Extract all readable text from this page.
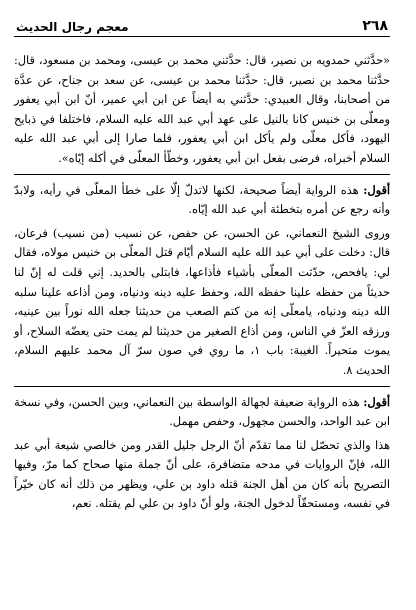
معجم رجال الحديث	٢٦٨

«حدَّثني حمدويه بن نصير، قال: حدَّثني محمد بن عيسى، ومحمد بن مسعود، قال: حدَّثنا محمد بن نصير، قال: حدَّثنا محمد بن عيسى، عن سعد بن جناح، عن عدَّة من أصحابنا، وقال العبيدي: حدَّثني به أيضاً عن ابن أبي عمير، أنّ ابن أبي يعفور ومعلّى بن خنيس كانا بالنيل على عهد أبي عبد الله عليه السلام، فاختلفا في ذبايح اليهود، فأكل معلّى ولم يأكل ابن أبي يعفور، فلما صارا إلى أبي عبد الله عليه السلام أخبراه، فرضى بفعل ابن أبي يعفور، وخطّأ المعلّى في أكله إيّاه».

أقول: هذه الرواية أيضاً صحيحة، لكنها لاتدلّ إلّا على خطأ المعلّى في رأيه، ولابدّ وأنه رجع عن أمره بتخطئة أبي عبد الله إيّاه.

وروى الشيخ النعماني، عن الحسن، عن حفص، عن نسيب (من نسيب) فرعان، قال: دخلت على أبي عبد الله عليه السلام أيّام قتل المعلّى بن خنيس مولاه، فقال لي: يافحص، حدّثت المعلّى بأشياء فأذاعها، فابتلى بالحديد. إني قلت له إنّ لنا حديثاً من حفظه علينا حفظه الله، وحفظ عليه دينه ودنياه، ومن أذاعه علينا سلبه الله دينه ودنياه، يامعلّى إنه من كتم الصعب من حديثنا جعله الله نوراً بين عينيه، ورزقه العزّ في الناس، ومن أذاع الصغير من حديثنا لم يمت حتى يعضّه السلاح، أو يموت متحيراً. الغيبة: باب ١، ما روي في صون سرّ آل محمد عليهم السلام، الحديث ٨.

أقول: هذه الرواية ضعيفة لجهالة الواسطة بين النعماني، وبين الحسن، وفي نسخة ابن عبد الواحد، والحسن مجهول، وحفص مهمل.

هذا والذي تحصّل لنا مما تقدّم أنّ الرجل جليل القدر ومن خالصي شيعة أبي عبد الله، فإنّ الروايات في مدحه متضافرة، على أنّ جملة منها صحاح كما مرّ، وفيها التصريح بأنه كان من أهل الجنة قتله داود بن علي، ويظهر من ذلك أنه كان خيّراً في نفسه، ومستحقّاً لدخول الجنة، ولو أنّ داود بن علي لم يقتله. نعم،
